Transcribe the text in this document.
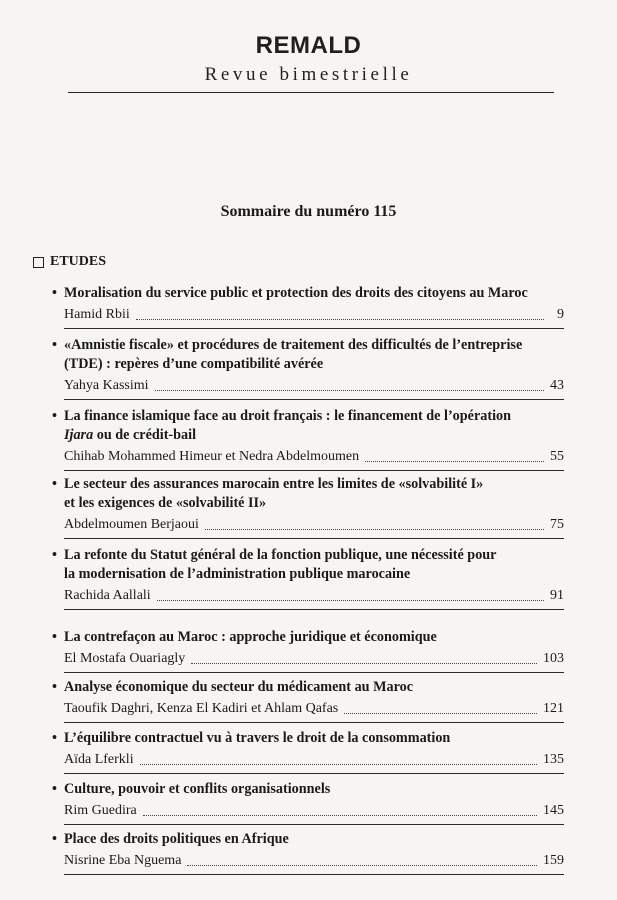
REMALD
Revue bimestrielle
Sommaire du numéro 115
ETUDES
• Moralisation du service public et protection des droits des citoyens au Maroc
Hamid Rbii	9
• «Amnistie fiscale» et procédures de traitement des difficultés de l’entreprise
(TDE) : repères d’une compatibilité avérée
Yahya Kassimi	43
• La finance islamique face au droit français : le financement de l’opération
Ijara ou de crédit-bail
Chihab Mohammed Himeur et Nedra Abdelmoumen	55
• Le secteur des assurances marocain entre les limites de «solvabilité I»
et les exigences de «solvabilité II»
Abdelmoumen Berjaoui	75
• La refonte du Statut général de la fonction publique, une nécessité pour
la modernisation de l’administration publique marocaine
Rachida Aallali	91
• La contrefaçon au Maroc : approche juridique et économique
El Mostafa Ouariagly	103
• Analyse économique du secteur du médicament au Maroc
Taoufik Daghri, Kenza El Kadiri et Ahlam Qafas	121
• L’équilibre contractuel vu à travers le droit de la consommation
Aïda Lferkli	135
• Culture, pouvoir et conflits organisationnels
Rim Guedira	145
• Place des droits politiques en Afrique
Nisrine Eba Nguema	159
